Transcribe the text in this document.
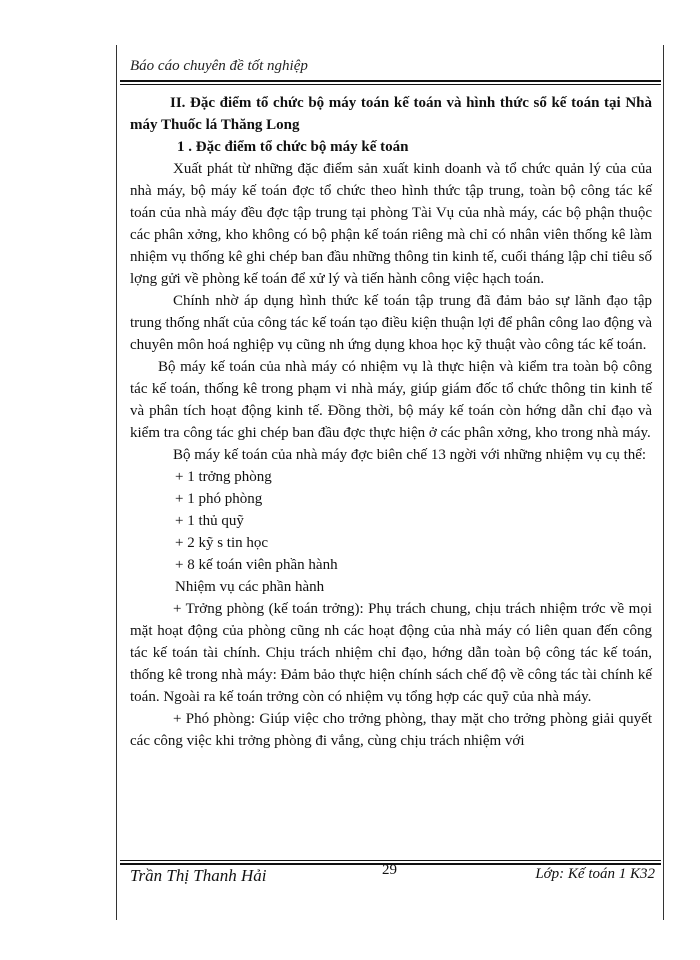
Báo cáo chuyên đề tốt nghiệp

II. Đặc điểm tổ chức bộ máy toán kế toán và hình thức sổ kế toán tại Nhà máy Thuốc lá Thăng Long

1 . Đặc điểm tổ chức bộ máy kế toán

Xuất phát từ những đặc điểm sản xuất kinh doanh và tổ chức quản lý của của nhà máy, bộ máy kế toán đợc tổ chức theo hình thức tập trung, toàn bộ công tác kế toán của nhà máy đều đợc tập trung tại phòng Tài Vụ của nhà máy, các bộ phận thuộc các phân xởng, kho không có bộ phận kế toán riêng mà chỉ có nhân viên thống kê làm nhiệm vụ thống kê ghi chép ban đầu những thông tin kinh tế, cuối tháng lập chỉ tiêu số lợng gửi về phòng kế toán để xử lý và tiến hành công việc hạch toán.

Chính nhờ áp dụng hình thức kế toán tập trung đã đảm bảo sự lãnh đạo tập trung thống nhất của công tác kế toán tạo điều kiện thuận lợi để phân công lao động và chuyên môn hoá nghiệp vụ cũng nh ứng dụng khoa học kỹ thuật vào công tác kế toán.

Bộ máy kế toán của nhà máy có nhiệm vụ là thực hiện và kiểm tra toàn bộ công tác kế toán, thống kê trong phạm vi nhà máy, giúp giám đốc tổ chức thông tin kinh tế và phân tích hoạt động kinh tế. Đồng thời, bộ máy kế toán còn hớng dẫn chỉ đạo và kiểm tra công tác ghi chép ban đầu đợc thực hiện ở các phân xởng, kho trong nhà máy.

Bộ máy kế toán của nhà máy đợc biên chế 13 ngời với những nhiệm vụ cụ thể:

+ 1 trởng phòng

+ 1 phó phòng

+ 1 thủ quỹ

+ 2 kỹ s tin học

+ 8 kế toán viên phần hành

Nhiệm vụ các phần hành

+ Trởng phòng (kế toán trởng): Phụ trách chung, chịu trách nhiệm trớc về mọi mặt hoạt động của phòng cũng nh các hoạt động của nhà máy có liên quan đến công tác kế toán tài chính. Chịu trách nhiệm chỉ đạo, hớng dẫn toàn bộ công tác kế toán, thống kê trong nhà máy: Đảm bảo thực hiện chính sách chế độ về công tác tài chính kế toán. Ngoài ra kế toán trởng còn có nhiệm vụ tổng hợp các quỹ của nhà máy.

+ Phó phòng: Giúp việc cho trởng phòng, thay mặt cho trởng phòng giải quyết các công việc khi trởng phòng đi vắng, cùng chịu trách nhiệm với

Trần Thị Thanh Hải	29	Lớp: Kế toán 1 K32
